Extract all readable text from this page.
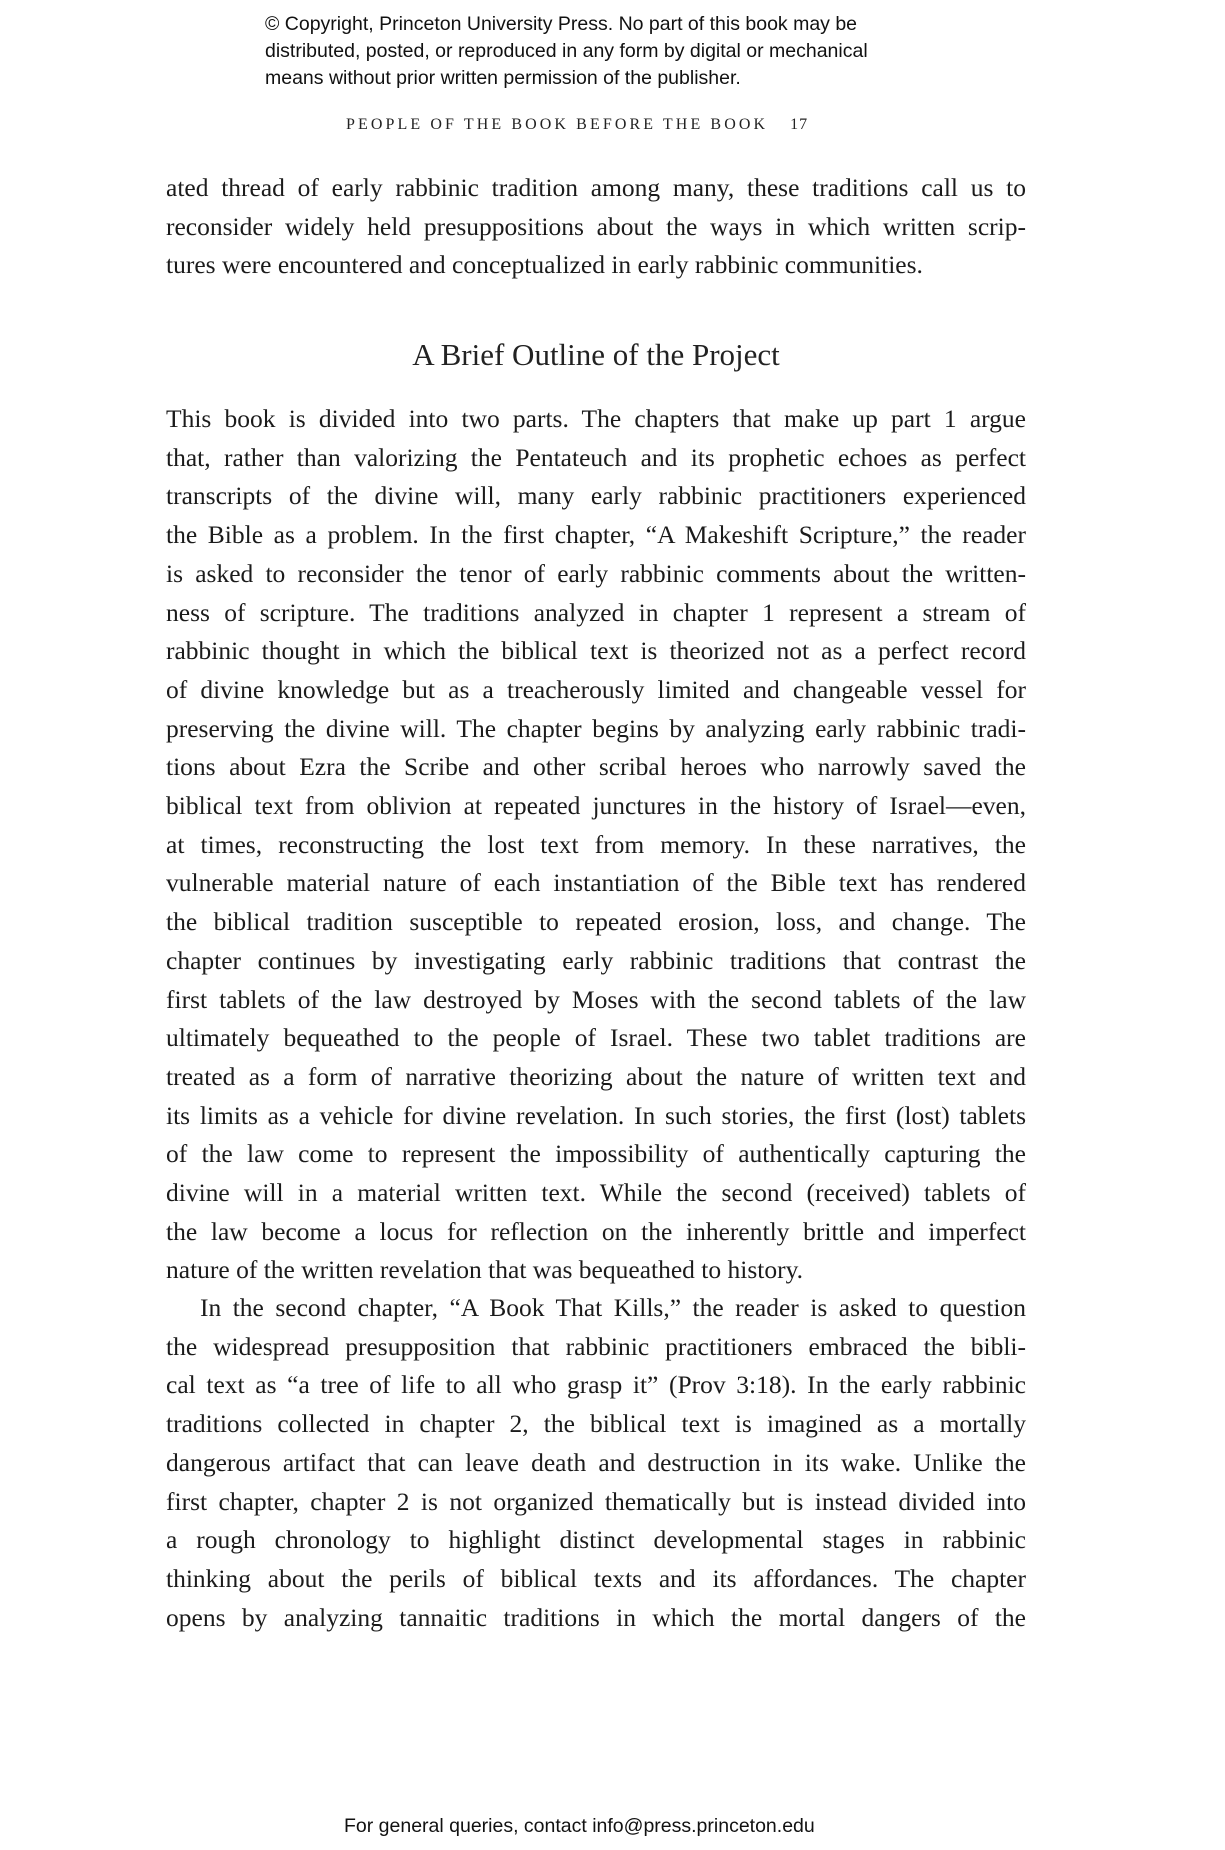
© Copyright, Princeton University Press. No part of this book may be
distributed, posted, or reproduced in any form by digital or mechanical
means without prior written permission of the publisher.
PEOPLE OF THE BOOK BEFORE THE BOOK 17
ated thread of early rabbinic tradition among many, these traditions call us to
reconsider widely held presuppositions about the ways in which written scrip-
tures were encountered and conceptualized in early rabbinic communities.
A Brief Outline of the Project
This book is divided into two parts. The chapters that make up part 1 argue
that, rather than valorizing the Pentateuch and its prophetic echoes as perfect
transcripts of the divine will, many early rabbinic practitioners experienced
the Bible as a problem. In the first chapter, “A Makeshift Scripture,” the reader
is asked to reconsider the tenor of early rabbinic comments about the written-
ness of scripture. The traditions analyzed in chapter 1 represent a stream of
rabbinic thought in which the biblical text is theorized not as a perfect record
of divine knowledge but as a treacherously limited and changeable vessel for
preserving the divine will. The chapter begins by analyzing early rabbinic tradi-
tions about Ezra the Scribe and other scribal heroes who narrowly saved the
biblical text from oblivion at repeated junctures in the history of Israel—even,
at times, reconstructing the lost text from memory. In these narratives, the
vulnerable material nature of each instantiation of the Bible text has rendered
the biblical tradition susceptible to repeated erosion, loss, and change. The
chapter continues by investigating early rabbinic traditions that contrast the
first tablets of the law destroyed by Moses with the second tablets of the law
ultimately bequeathed to the people of Israel. These two tablet traditions are
treated as a form of narrative theorizing about the nature of written text and
its limits as a vehicle for divine revelation. In such stories, the first (lost) tablets
of the law come to represent the impossibility of authentically capturing the
divine will in a material written text. While the second (received) tablets of
the law become a locus for reflection on the inherently brittle and imperfect
nature of the written revelation that was bequeathed to history.
In the second chapter, “A Book That Kills,” the reader is asked to question
the widespread presupposition that rabbinic practitioners embraced the bibli-
cal text as “a tree of life to all who grasp it” (Prov 3:18). In the early rabbinic
traditions collected in chapter 2, the biblical text is imagined as a mortally
dangerous artifact that can leave death and destruction in its wake. Unlike the
first chapter, chapter 2 is not organized thematically but is instead divided into
a rough chronology to highlight distinct developmental stages in rabbinic
thinking about the perils of biblical texts and its affordances. The chapter
opens by analyzing tannaitic traditions in which the mortal dangers of the
For general queries, contact info@press.princeton.edu
